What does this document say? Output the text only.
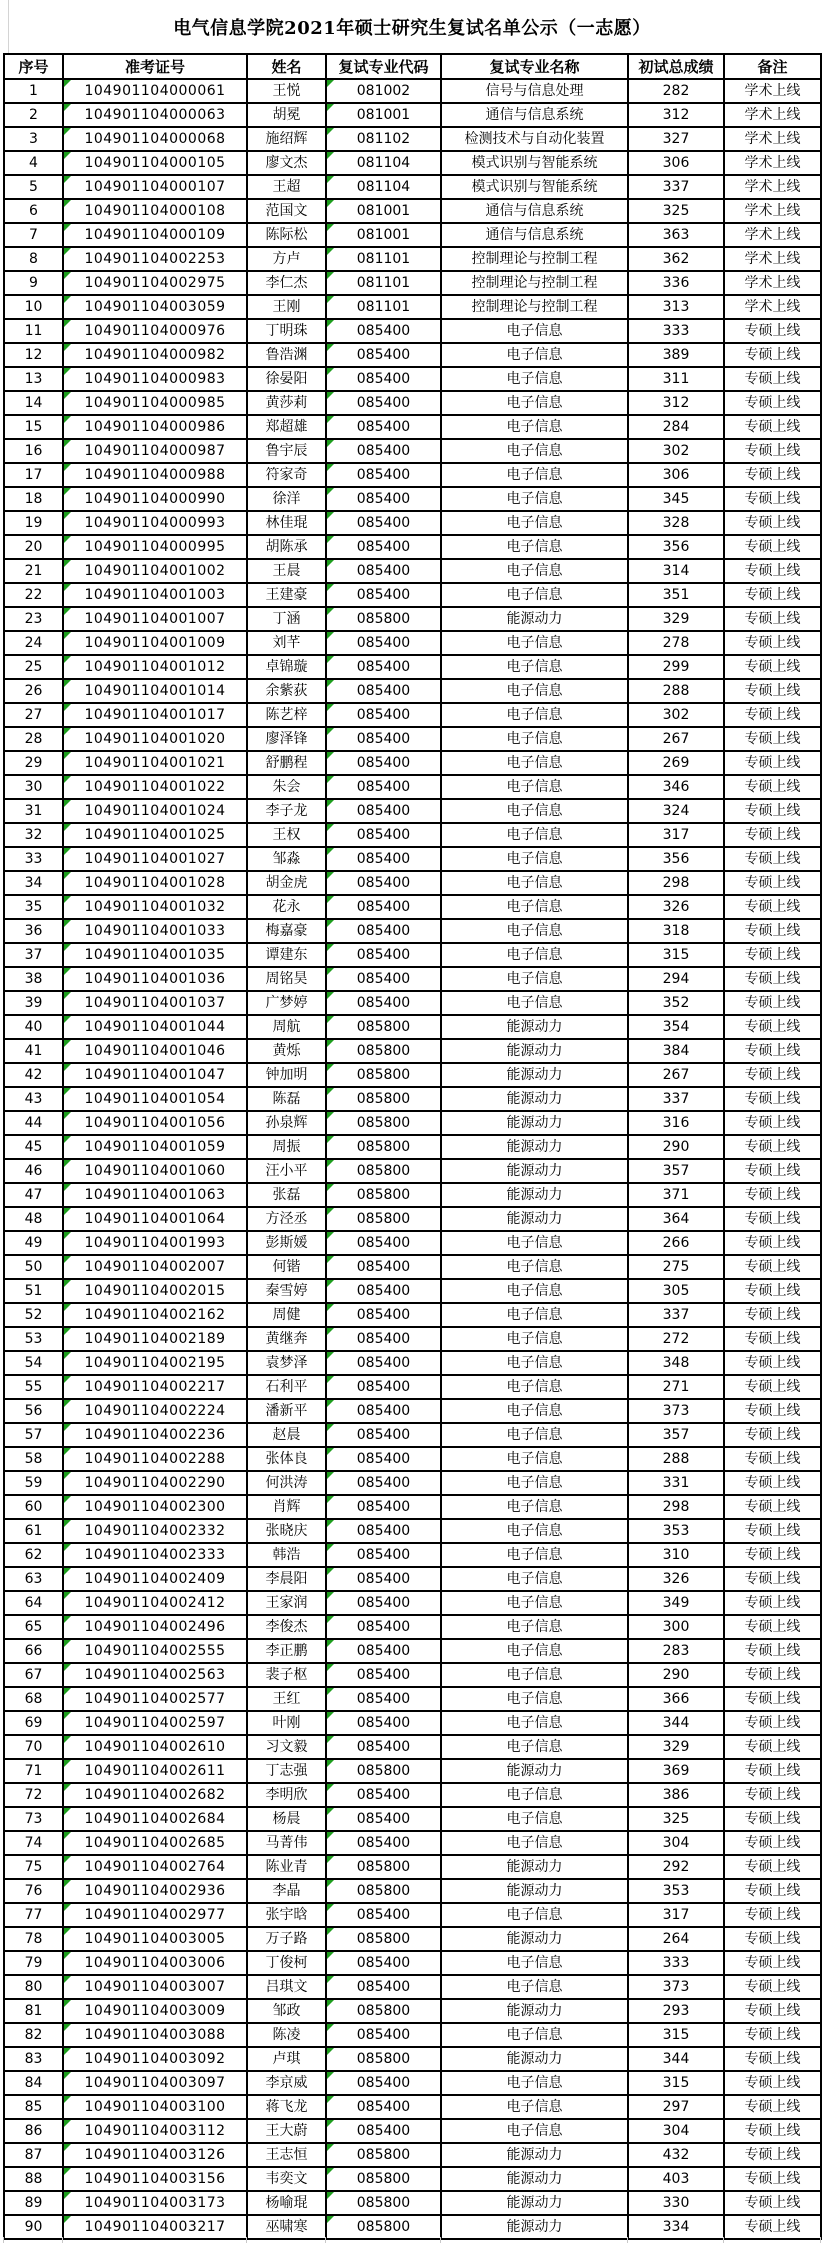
电气信息学院2021年硕士研究生复试名单公示（一志愿）
序号	准考证号	姓名	复试专业代码	复试专业名称	初试总成绩	备注
1	104901104000061	王悦	081002	信号与信息处理	282	学术上线
2	104901104000063	胡冕	081001	通信与信息系统	312	学术上线
3	104901104000068	施绍辉	081102	检测技术与自动化装置	327	学术上线
4	104901104000105	廖文杰	081104	模式识别与智能系统	306	学术上线
5	104901104000107	王超	081104	模式识别与智能系统	337	学术上线
6	104901104000108	范国文	081001	通信与信息系统	325	学术上线
7	104901104000109	陈际松	081001	通信与信息系统	363	学术上线
8	104901104002253	方卢	081101	控制理论与控制工程	362	学术上线
9	104901104002975	李仁杰	081101	控制理论与控制工程	336	学术上线
10	104901104003059	王刚	081101	控制理论与控制工程	313	学术上线
11	104901104000976	丁明珠	085400	电子信息	333	专硕上线
12	104901104000982	鲁浩渊	085400	电子信息	389	专硕上线
13	104901104000983	徐晏阳	085400	电子信息	311	专硕上线
14	104901104000985	黄莎莉	085400	电子信息	312	专硕上线
15	104901104000986	郑超雄	085400	电子信息	284	专硕上线
16	104901104000987	鲁宇辰	085400	电子信息	302	专硕上线
17	104901104000988	符家奇	085400	电子信息	306	专硕上线
18	104901104000990	徐洋	085400	电子信息	345	专硕上线
19	104901104000993	林佳琨	085400	电子信息	328	专硕上线
20	104901104000995	胡陈承	085400	电子信息	356	专硕上线
21	104901104001002	王晨	085400	电子信息	314	专硕上线
22	104901104001003	王建豪	085400	电子信息	351	专硕上线
23	104901104001007	丁涵	085800	能源动力	329	专硕上线
24	104901104001009	刘芊	085400	电子信息	278	专硕上线
25	104901104001012	卓锦璇	085400	电子信息	299	专硕上线
26	104901104001014	余紫荻	085400	电子信息	288	专硕上线
27	104901104001017	陈艺梓	085400	电子信息	302	专硕上线
28	104901104001020	廖泽锋	085400	电子信息	267	专硕上线
29	104901104001021	舒鹏程	085400	电子信息	269	专硕上线
30	104901104001022	朱会	085400	电子信息	346	专硕上线
31	104901104001024	李子龙	085400	电子信息	324	专硕上线
32	104901104001025	王权	085400	电子信息	317	专硕上线
33	104901104001027	邹淼	085400	电子信息	356	专硕上线
34	104901104001028	胡金虎	085400	电子信息	298	专硕上线
35	104901104001032	花永	085400	电子信息	326	专硕上线
36	104901104001033	梅嘉豪	085400	电子信息	318	专硕上线
37	104901104001035	谭建东	085400	电子信息	315	专硕上线
38	104901104001036	周铭昊	085400	电子信息	294	专硕上线
39	104901104001037	广梦婷	085400	电子信息	352	专硕上线
40	104901104001044	周航	085800	能源动力	354	专硕上线
41	104901104001046	黄烁	085800	能源动力	384	专硕上线
42	104901104001047	钟加明	085800	能源动力	267	专硕上线
43	104901104001054	陈磊	085800	能源动力	337	专硕上线
44	104901104001056	孙泉辉	085800	能源动力	316	专硕上线
45	104901104001059	周振	085800	能源动力	290	专硕上线
46	104901104001060	汪小平	085800	能源动力	357	专硕上线
47	104901104001063	张磊	085800	能源动力	371	专硕上线
48	104901104001064	方泾丞	085800	能源动力	364	专硕上线
49	104901104001993	彭斯媛	085400	电子信息	266	专硕上线
50	104901104002007	何锴	085400	电子信息	275	专硕上线
51	104901104002015	秦雪婷	085400	电子信息	305	专硕上线
52	104901104002162	周健	085400	电子信息	337	专硕上线
53	104901104002189	黄继奔	085400	电子信息	272	专硕上线
54	104901104002195	袁梦泽	085400	电子信息	348	专硕上线
55	104901104002217	石利平	085400	电子信息	271	专硕上线
56	104901104002224	潘新平	085400	电子信息	373	专硕上线
57	104901104002236	赵晨	085400	电子信息	357	专硕上线
58	104901104002288	张体良	085400	电子信息	288	专硕上线
59	104901104002290	何洪涛	085400	电子信息	331	专硕上线
60	104901104002300	肖辉	085400	电子信息	298	专硕上线
61	104901104002332	张晓庆	085400	电子信息	353	专硕上线
62	104901104002333	韩浩	085400	电子信息	310	专硕上线
63	104901104002409	李晨阳	085400	电子信息	326	专硕上线
64	104901104002412	王家润	085400	电子信息	349	专硕上线
65	104901104002496	李俊杰	085400	电子信息	300	专硕上线
66	104901104002555	李正鹏	085400	电子信息	283	专硕上线
67	104901104002563	裴子枢	085400	电子信息	290	专硕上线
68	104901104002577	王红	085400	电子信息	366	专硕上线
69	104901104002597	叶刚	085400	电子信息	344	专硕上线
70	104901104002610	习文毅	085400	电子信息	329	专硕上线
71	104901104002611	丁志强	085800	能源动力	369	专硕上线
72	104901104002682	李明欣	085400	电子信息	386	专硕上线
73	104901104002684	杨晨	085400	电子信息	325	专硕上线
74	104901104002685	马菁伟	085400	电子信息	304	专硕上线
75	104901104002764	陈业青	085800	能源动力	292	专硕上线
76	104901104002936	李晶	085800	能源动力	353	专硕上线
77	104901104002977	张宇晗	085400	电子信息	317	专硕上线
78	104901104003005	万子路	085800	能源动力	264	专硕上线
79	104901104003006	丁俊柯	085400	电子信息	333	专硕上线
80	104901104003007	吕琪文	085400	电子信息	373	专硕上线
81	104901104003009	邹政	085800	能源动力	293	专硕上线
82	104901104003088	陈凌	085400	电子信息	315	专硕上线
83	104901104003092	卢琪	085800	能源动力	344	专硕上线
84	104901104003097	李京威	085400	电子信息	315	专硕上线
85	104901104003100	蒋飞龙	085400	电子信息	297	专硕上线
86	104901104003112	王大蔚	085400	电子信息	304	专硕上线
87	104901104003126	王志恒	085800	能源动力	432	专硕上线
88	104901104003156	韦奕文	085800	能源动力	403	专硕上线
89	104901104003173	杨喻琨	085800	能源动力	330	专硕上线
90	104901104003217	巫啸寒	085800	能源动力	334	专硕上线
